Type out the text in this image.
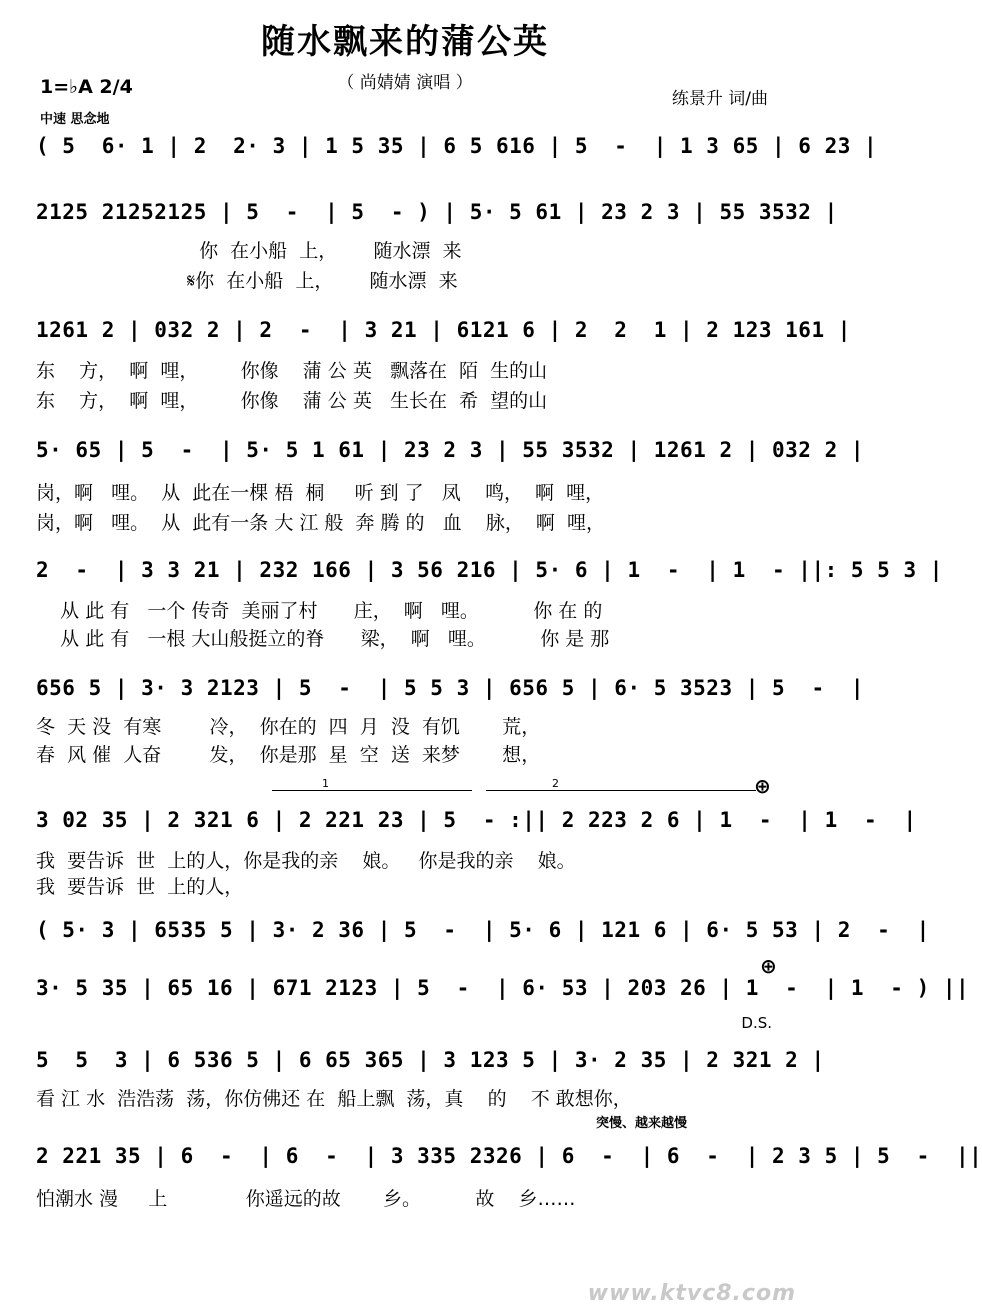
随水飘来的蒲公英
（ 尚婧婧 演唱 ）
1=♭A 2/4
练景升 词/曲
中速 思念地
( 5  6· 1 | 2  2· 3 | 1 5 35 | 6 5 616 | 5  -  | 1 3 65 | 6 23 |
2125 21252125 | 5  -  | 5  - ) | 5· 5 61 | 23 2 3 | 55 3532 |
你  在小船  上，      随水漂  来
𝄋你  在小船  上，      随水漂  来
1261 2 | 032 2 | 2  -  | 3 21 | 6121 6 | 2  2  1 | 2 123 161 |
东    方，  啊  哩，       你像    蒲 公 英   飘落在  陌  生的山
东    方，  啊  哩，       你像    蒲 公 英   生长在  希  望的山
5· 65 | 5  -  | 5· 5 1 61 | 23 2 3 | 55 3532 | 1261 2 | 032 2 |
岗，啊   哩。  从  此在一棵 梧  桐     听 到 了   凤    鸣，  啊  哩，
岗，啊   哩。  从  此有一条 大 江 般  奔 腾 的   血    脉，  啊  哩，
2  -  | 3 3 21 | 232 166 | 3 56 216 | 5· 6 | 1  -  | 1  - ||: 5 5 3 |
从 此 有   一个 传奇  美丽了村      庄，  啊   哩。         你 在 的
从 此 有   一根 大山般挺立的脊      梁，  啊   哩。         你 是 那
656 5 | 3· 3 2123 | 5  -  | 5 5 3 | 656 5 | 6· 5 3523 | 5  -  |
冬  天 没  有寒        冷，  你在的  四  月  没  有饥       荒，
春  风 催  人奋        发，  你是那  星  空  送  来梦       想，
1	2	⊕
3 02 35 | 2 321 6 | 2 221 23 | 5  - :|| 2 223 2 6 | 1  -  | 1  -  |
我  要告诉  世  上的人，你是我的亲    娘。   你是我的亲    娘。
我  要告诉  世  上的人，
( 5· 3 | 6535 5 | 3· 2 36 | 5  -  | 5· 6 | 121 6 | 6· 5 53 | 2  -  |
⊕
3· 5 35 | 65 16 | 671 2123 | 5  -  | 6· 53 | 203 26 | 1  -  | 1  - ) ||
D.S.
5  5  3 | 6 536 5 | 6 65 365 | 3 123 5 | 3· 2 35 | 2 321 2 |
看 江 水  浩浩荡  荡，你仿佛还 在  船上飘  荡，真    的    不 敢想你，
突慢、越来越慢
2 221 35 | 6  -  | 6  -  | 3 335 2326 | 6  -  | 6  -  | 2 3 5 | 5  -  ||
怕潮水 漫     上             你遥远的故       乡。         故    乡……
www.ktvc8.com
